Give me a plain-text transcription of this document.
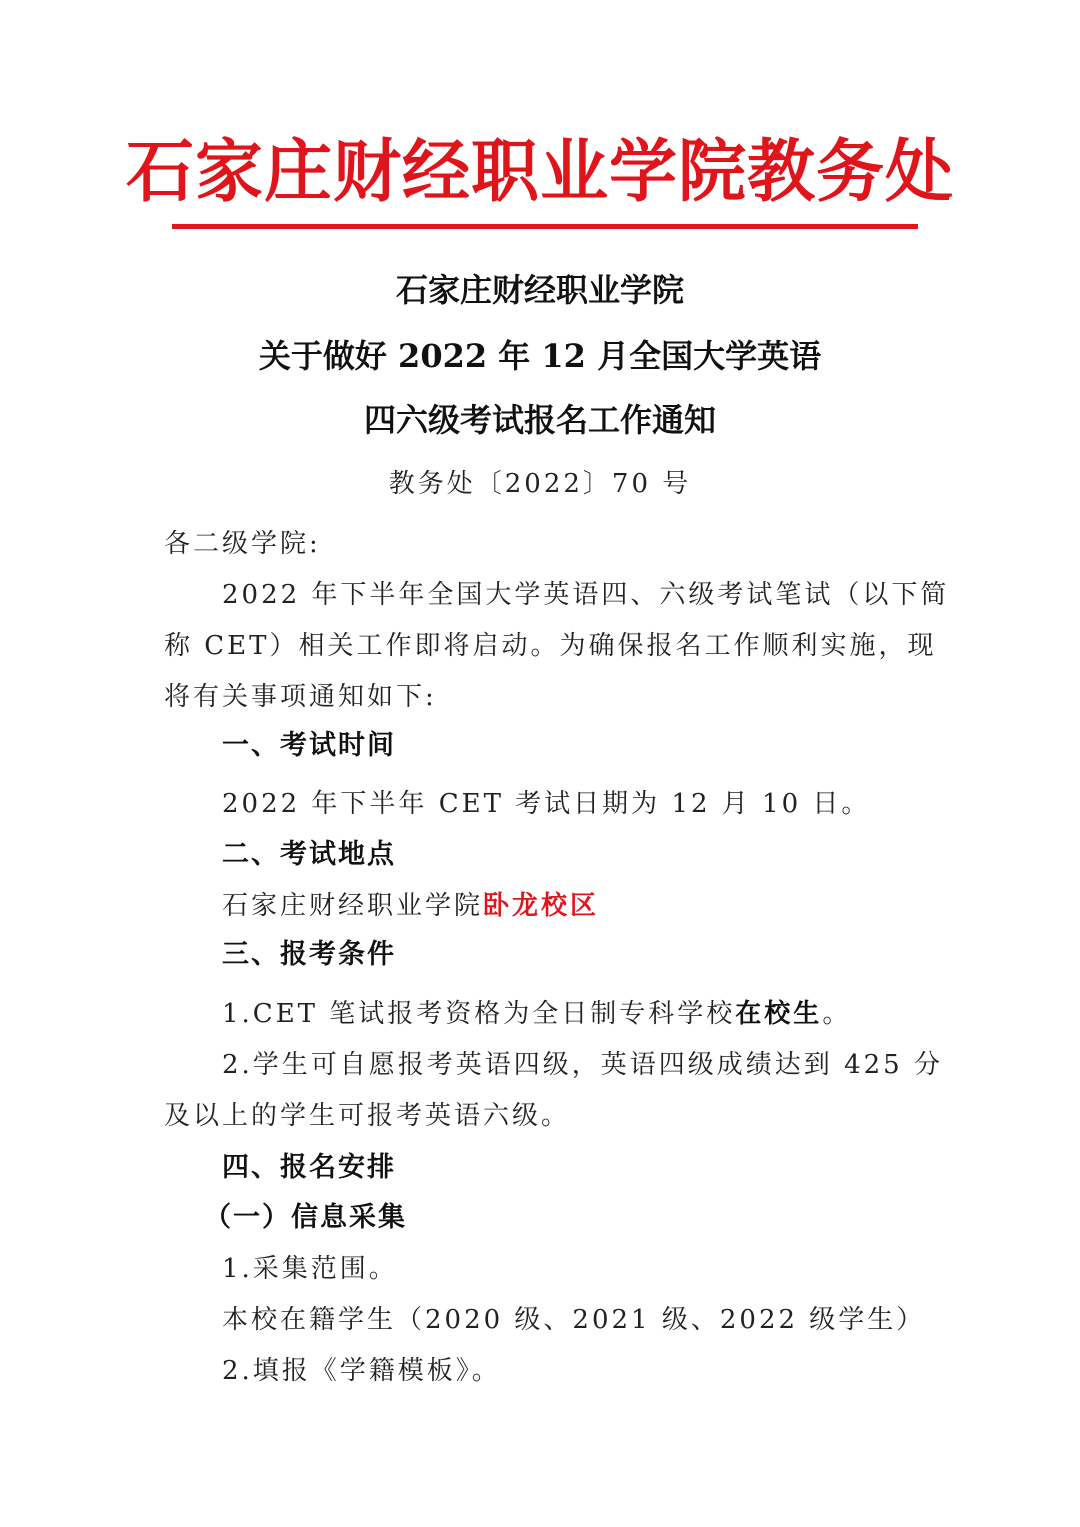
石家庄财经职业学院教务处
石家庄财经职业学院
关于做好 2022 年 12 月全国大学英语
四六级考试报名工作通知
教务处〔2022〕70 号
各二级学院:
2022 年下半年全国大学英语四、六级考试笔试（以下简
称 CET）相关工作即将启动。为确保报名工作顺利实施，现
将有关事项通知如下:
一、考试时间
2022 年下半年 CET 考试日期为 12 月 10 日。
二、考试地点
石家庄财经职业学院卧龙校区
三、报考条件
1.CET 笔试报考资格为全日制专科学校在校生。
2.学生可自愿报考英语四级，英语四级成绩达到 425 分
及以上的学生可报考英语六级。
四、报名安排
（一）信息采集
1.采集范围。
本校在籍学生（2020 级、2021 级、2022 级学生）
2.填报《学籍模板》。
